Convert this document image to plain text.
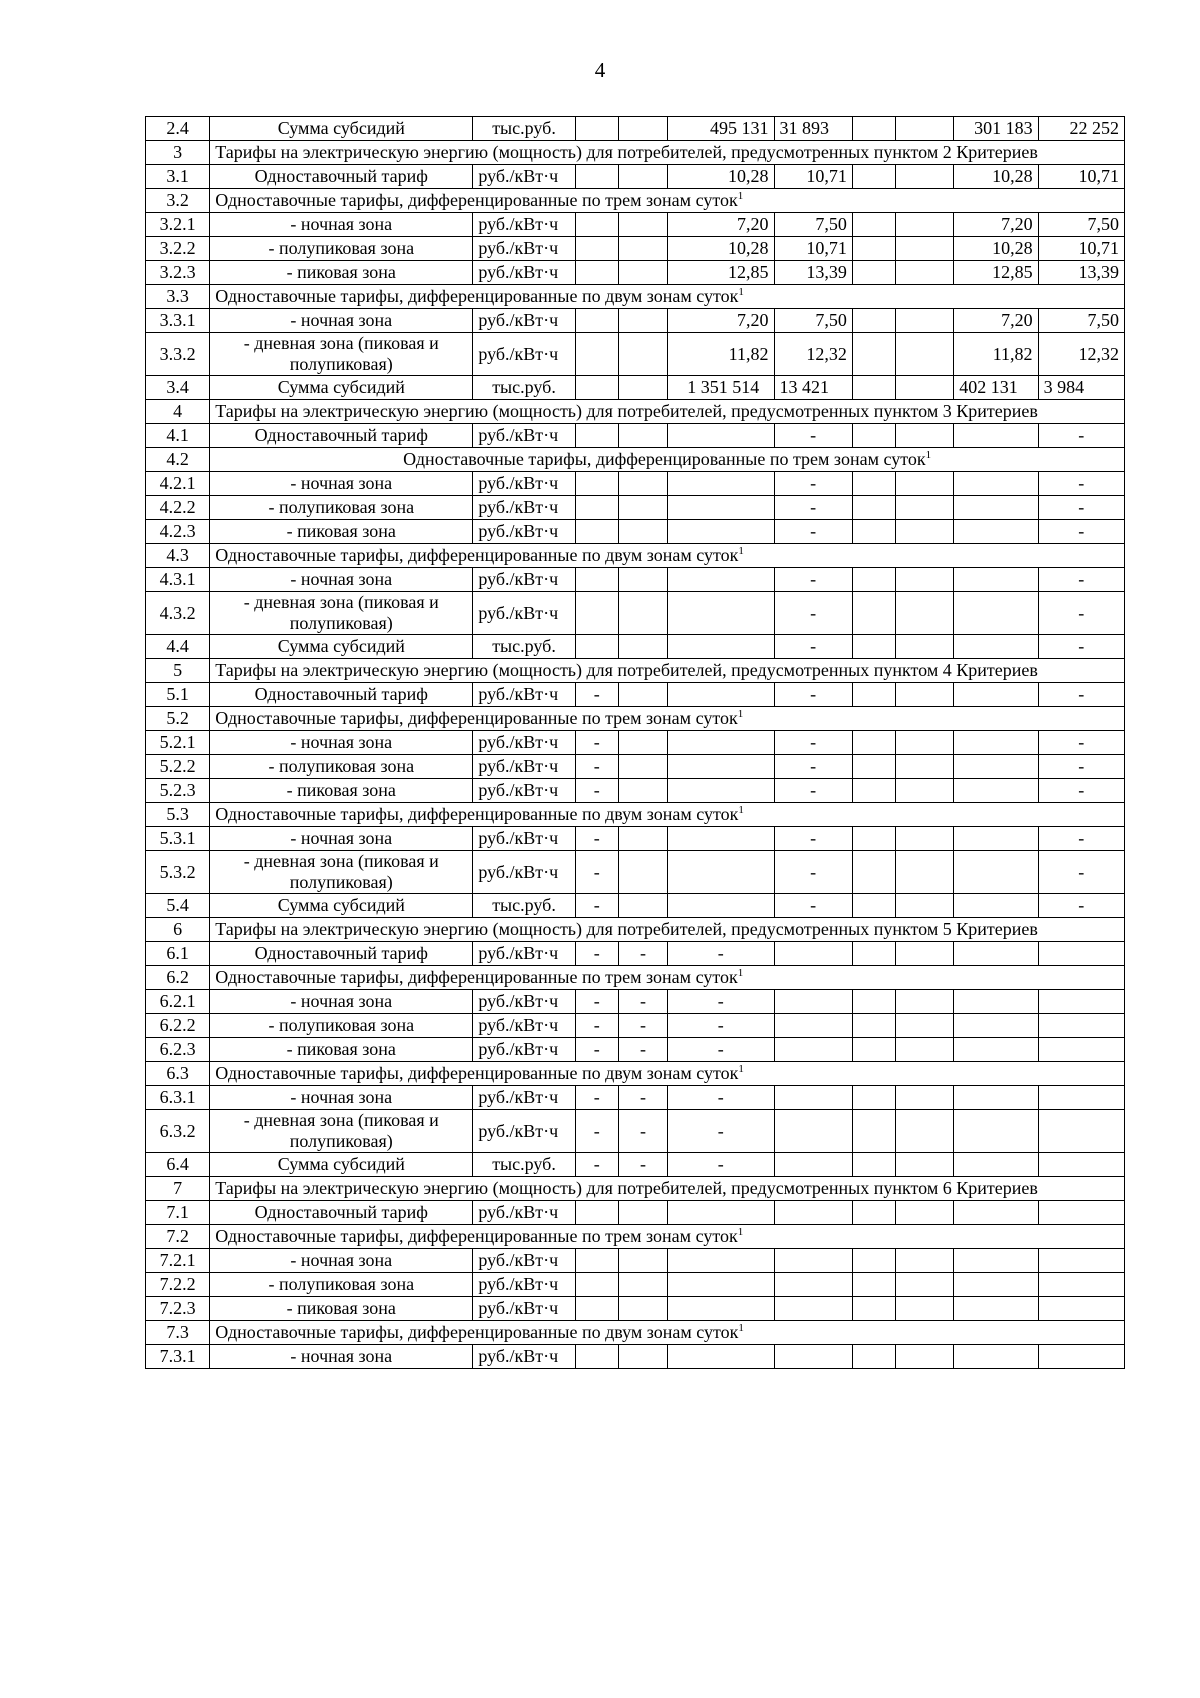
4
2.4	Сумма субсидий	тыс.руб.			495 131	31 893			301 183	22 252
3	Тарифы на электрическую энергию (мощность) для потребителей, предусмотренных пунктом 2 Критериев									
3.1	Одноставочный тариф	руб./кВт·ч			10,28	10,71			10,28	10,71
3.2	Одноставочные тарифы, дифференцированные по трем зонам суток$^1$
3.2.1	- ночная зона	руб./кВт·ч			7,20	7,50			7,20	7,50
3.2.2	- полупиковая зона	руб./кВт·ч			10,28	10,71			10,28	10,71
3.2.3	- пиковая зона	руб./кВт·ч			12,85	13,39			12,85	13,39
3.3	Одноставочные тарифы, дифференцированные по двум зонам суток$^1$
3.3.1	- ночная зона	руб./кВт·ч			7,20	7,50			7,20	7,50
3.3.2	- дневная зона (пиковая и полупиковая)	руб./кВт·ч			11,82	12,32			11,82	12,32
3.4	Сумма субсидий	тыс.руб.			1 351 514	13 421			402 131	3 984
4	Тарифы на электрическую энергию (мощность) для потребителей, предусмотренных пунктом 3 Критериев									
4.1	Одноставочный тариф	руб./кВт·ч				-				-
4.2	Одноставочные тарифы, дифференцированные по трем зонам суток$^1$
4.2.1	- ночная зона	руб./кВт·ч				-				-
4.2.2	- полупиковая зона	руб./кВт·ч				-				-
4.2.3	- пиковая зона	руб./кВт·ч				-				-
4.3	Одноставочные тарифы, дифференцированные по двум зонам суток$^1$
4.3.1	- ночная зона	руб./кВт·ч				-				-
4.3.2	- дневная зона (пиковая и полупиковая)	руб./кВт·ч				-				-
4.4	Сумма субсидий	тыс.руб.				-				-
5	Тарифы на электрическую энергию (мощность) для потребителей, предусмотренных пунктом 4 Критериев									
5.1	Одноставочный тариф	руб./кВт·ч	-			-				-
5.2	Одноставочные тарифы, дифференцированные по трем зонам суток$^1$
5.2.1	- ночная зона	руб./кВт·ч	-			-				-
5.2.2	- полупиковая зона	руб./кВт·ч	-			-				-
5.2.3	- пиковая зона	руб./кВт·ч	-			-				-
5.3	Одноставочные тарифы, дифференцированные по двум зонам суток$^1$
5.3.1	- ночная зона	руб./кВт·ч	-			-				-
5.3.2	- дневная зона (пиковая и полупиковая)	руб./кВт·ч	-			-				-
5.4	Сумма субсидий	тыс.руб.	-			-				-
6	Тарифы на электрическую энергию (мощность) для потребителей, предусмотренных пунктом 5 Критериев									
6.1	Одноставочный тариф	руб./кВт·ч	-	-	-					
6.2	Одноставочные тарифы, дифференцированные по трем зонам суток$^1$
6.2.1	- ночная зона	руб./кВт·ч	-	-	-					
6.2.2	- полупиковая зона	руб./кВт·ч	-	-	-					
6.2.3	- пиковая зона	руб./кВт·ч	-	-	-					
6.3	Одноставочные тарифы, дифференцированные по двум зонам суток$^1$
6.3.1	- ночная зона	руб./кВт·ч	-	-	-					
6.3.2	- дневная зона (пиковая и полупиковая)	руб./кВт·ч	-	-	-					
6.4	Сумма субсидий	тыс.руб.	-	-	-					
7	Тарифы на электрическую энергию (мощность) для потребителей, предусмотренных пунктом 6 Критериев									
7.1	Одноставочный тариф	руб./кВт·ч								
7.2	Одноставочные тарифы, дифференцированные по трем зонам суток$^1$
7.2.1	- ночная зона	руб./кВт·ч								
7.2.2	- полупиковая зона	руб./кВт·ч								
7.2.3	- пиковая зона	руб./кВт·ч								
7.3	Одноставочные тарифы, дифференцированные по двум зонам суток$^1$
7.3.1	- ночная зона	руб./кВт·ч								
